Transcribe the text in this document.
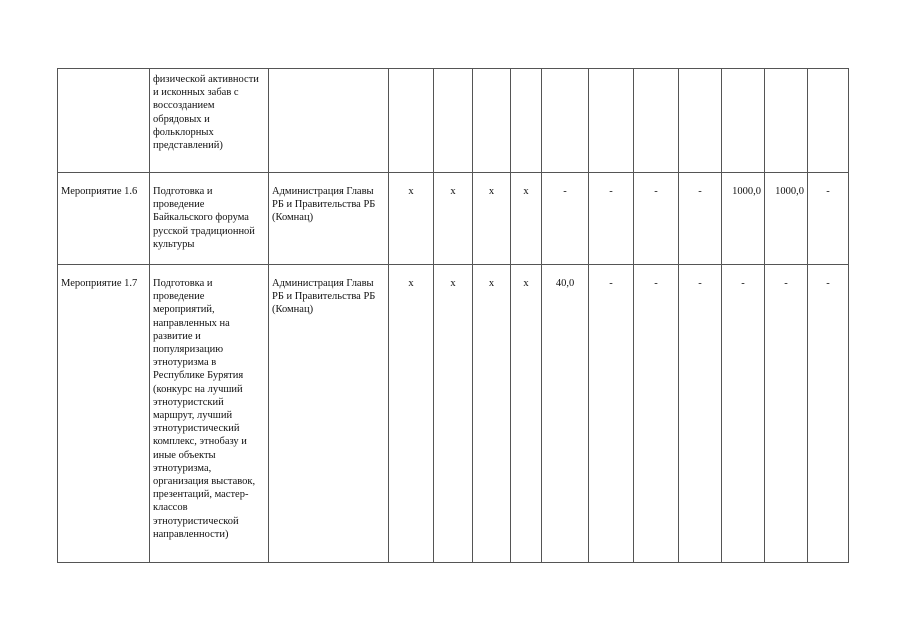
	физической активности и исконных забав с воссозданием обрядовых и фольклорных представлений)												
Мероприятие 1.6	Подготовка и проведение Байкальского форума русской традиционной культуры	Администрация Главы РБ и Правительства РБ (Комнац)	х	х	х	х	-	-	-	-	1000,0	1000,0	-
Мероприятие 1.7	Подготовка и проведение мероприятий, направленных на развитие и популяризацию этнотуризма в Республике Бурятия (конкурс на лучший этнотуристский маршрут, лучший этнотуристический комплекс, этнобазу и иные объекты этнотуризма, организация выставок, презентаций, мастер-классов этнотуристической направленности)	Администрация Главы РБ и Правительства РБ (Комнац)	х	х	х	х	40,0	-	-	-	-	-	-
